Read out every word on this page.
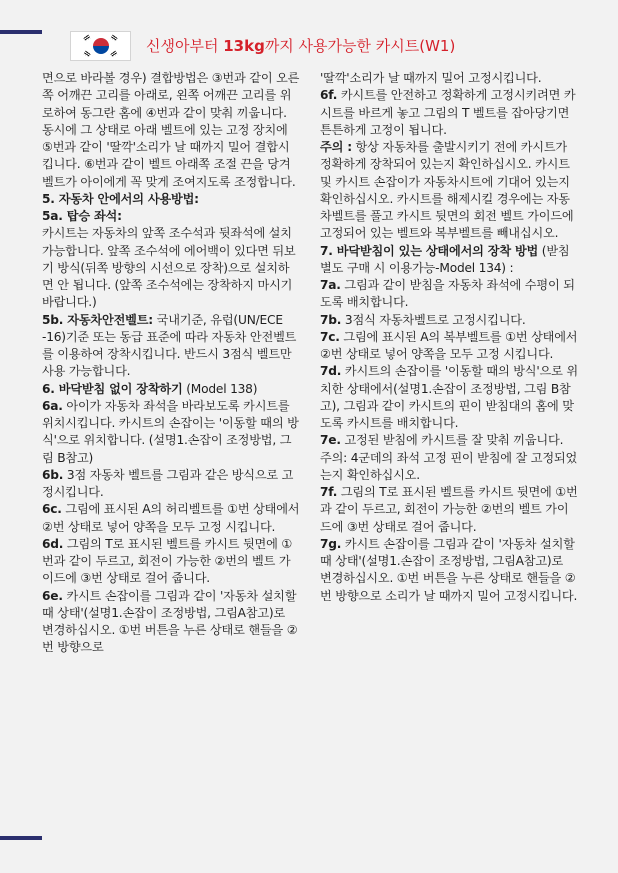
신생아부터 13kg까지 사용가능한 카시트(W1)

면으로 바라볼 경우) 결합방법은 ③번과 같이 오른쪽 어깨끈 고리를 아래로, 왼쪽 어깨끈 고리를 위로하여 동그란 홈에 ④번과 같이 맞춰 끼웁니다. 동시에 그 상태로 아래 벨트에 있는 고정 장치에 ⑤번과 같이 '딸깍'소리가 날 때까지 밀어 결합시킵니다. ⑥번과 같이 벨트 아래쪽 조절 끈을 당겨 벨트가 아이에게 꼭 맞게 조여지도록 조정합니다.

5. 자동차 안에서의 사용방법:

5a. 탑승 좌석:

카시트는 자동차의 앞쪽 조수석과 뒷좌석에 설치 가능합니다. 앞쪽 조수석에 에어백이 있다면 뒤보기 방식(뒤쪽 방향의 시선으로 장착)으로 설치하면 안 됩니다. (앞쪽 조수석에는 장착하지 마시기 바랍니다.)

5b. 자동차안전벨트: 국내기준, 유럽(UN/ECE -16)기준 또는 동급 표준에 따라 자동차 안전벨트를 이용하여 장착시킵니다. 반드시 3점식 벨트만 사용 가능합니다.

6. 바닥받침 없이 장착하기 (Model 138)

6a. 아이가 자동차 좌석을 바라보도록 카시트를 위치시킵니다. 카시트의 손잡이는 '이동할 때의 방식'으로 위치합니다. (설명1.손잡이 조정방법, 그림 B참고)

6b. 3점 자동차 벨트를 그림과 같은 방식으로 고정시킵니다.

6c. 그림에 표시된 A의 허리벨트를 ①번 상태에서 ②번 상태로 넣어 양쪽을 모두 고정 시킵니다.

6d. 그림의 T로 표시된 벨트를 카시트 뒷면에 ①번과 같이 두르고, 회전이 가능한 ②번의 벨트 가이드에 ③번 상태로 걸어 줍니다.

6e. 카시트 손잡이를 그림과 같이 '자동차 설치할 때 상태'(설명1.손잡이 조정방법, 그림A참고)로 변경하십시오. ①번 버튼을 누른 상태로 핸들을 ②번 방향으로

'딸깍'소리가 날 때까지 밀어 고정시킵니다.

6f. 카시트를 안전하고 정확하게 고정시키려면 카시트를 바르게 놓고 그림의 T 벨트를 잡아당기면 튼튼하게 고정이 됩니다.

주의 : 항상 자동차를 출발시키기 전에 카시트가 정확하게 장착되어 있는지 확인하십시오. 카시트 및 카시트 손잡이가 자동차시트에 기대어 있는지 확인하십시오. 카시트를 해제시킬 경우에는 자동차벨트를 풀고 카시트 뒷면의 회전 벨트 가이드에 고정되어 있는 벨트와 복부벨트를 빼내십시오.

7. 바닥받침이 있는 상태에서의 장착 방법 (받침별도 구매 시 이용가능-Model 134) :

7a. 그림과 같이 받침을 자동차 좌석에 수평이 되도록 배치합니다.

7b. 3점식 자동차벨트로 고정시킵니다.

7c. 그림에 표시된 A의 복부벨트를 ①번 상태에서 ②번 상태로 넣어 양쪽을 모두 고정 시킵니다.

7d. 카시트의 손잡이를 '이동할 때의 방식'으로 위치한 상태에서(설명1.손잡이 조정방법, 그림 B참고), 그림과 같이 카시트의 핀이 받침대의 홈에 맞도록 카시트를 배치합니다.

7e. 고정된 받침에 카시트를 잘 맞춰 끼웁니다.

주의: 4군데의 좌석 고정 핀이 받침에 잘 고정되었는지 확인하십시오.

7f. 그림의 T로 표시된 벨트를 카시트 뒷면에 ①번과 같이 두르고, 회전이 가능한 ②번의 벨트 가이드에 ③번 상태로 걸어 줍니다.

7g. 카시트 손잡이를 그림과 같이 '자동차 설치할 때 상태'(설명1.손잡이 조정방법, 그림A참고)로 변경하십시오. ①번 버튼을 누른 상태로 핸들을 ②번 방향으로 소리가 날 때까지 밀어 고정시킵니다.
